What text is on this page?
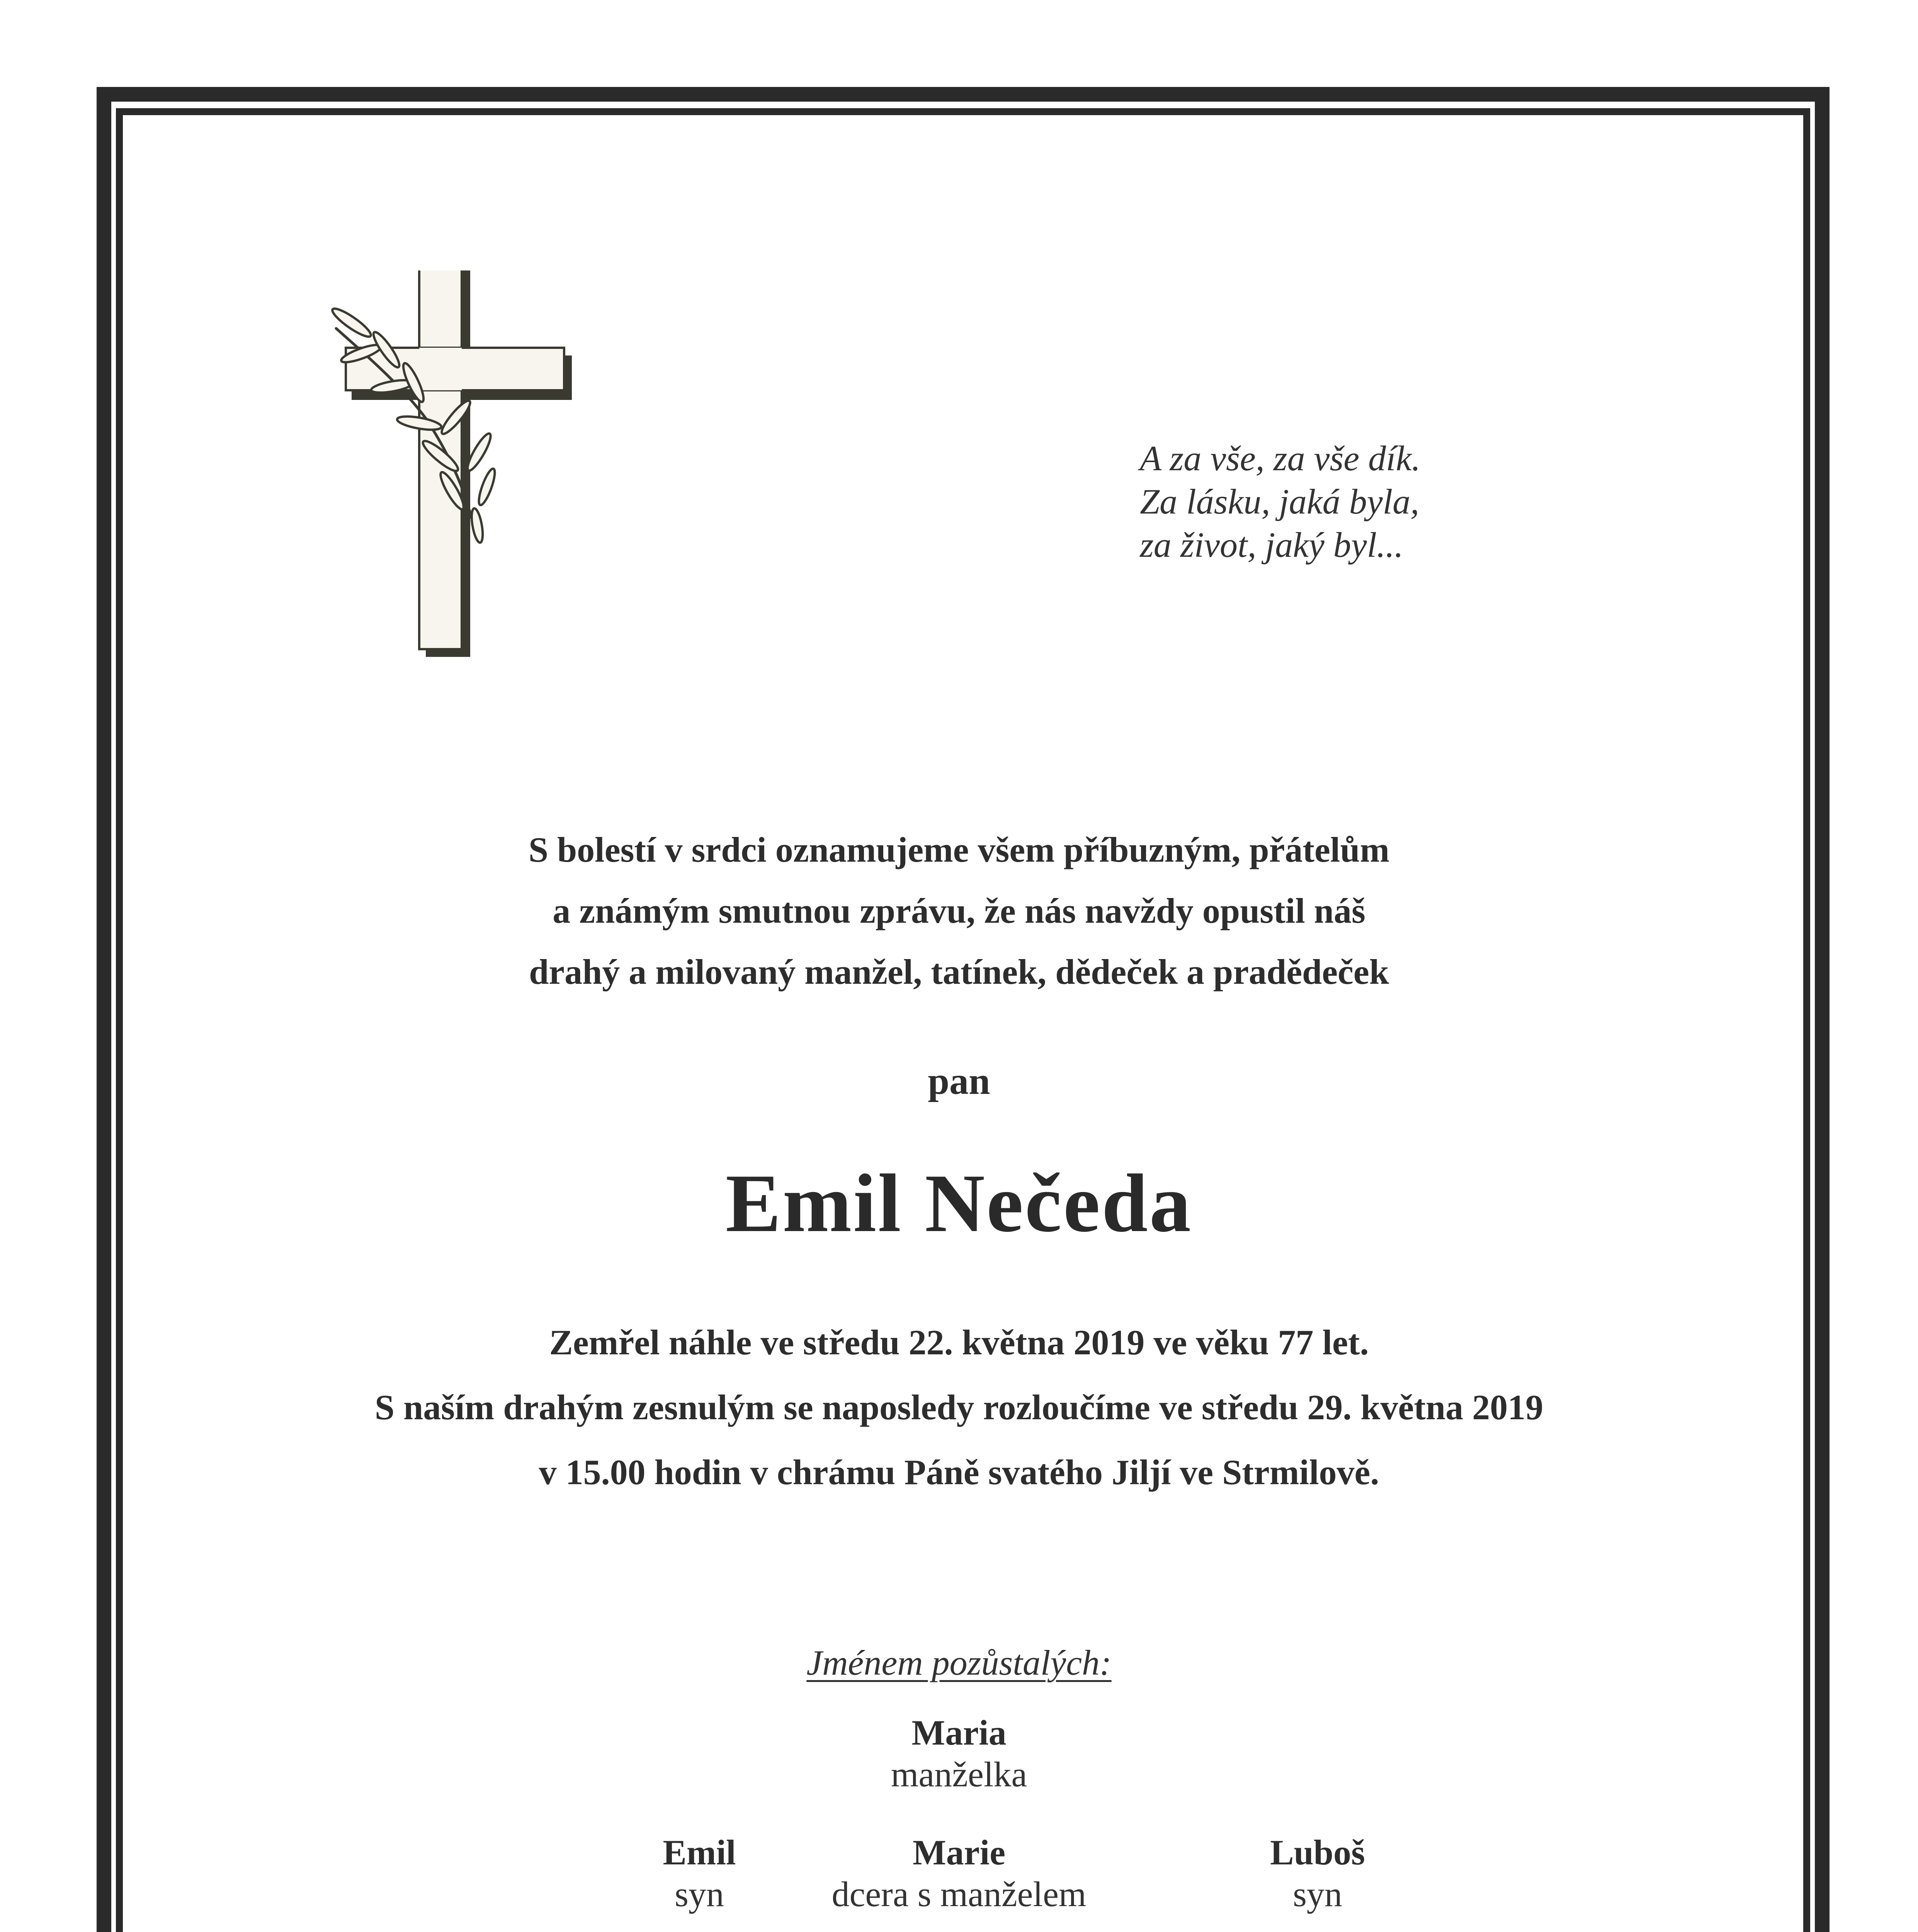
A za vše, za vše dík.
Za lásku, jaká byla,
za život, jaký byl...
S bolestí v srdci oznamujeme všem příbuzným, přátelům
a známým smutnou zprávu, že nás navždy opustil náš
drahý a milovaný manžel, tatínek, dědeček a pradědeček
pan
Emil Nečeda
Zemřel náhle ve středu 22. května 2019 ve věku 77 let.
S naším drahým zesnulým se naposledy rozloučíme ve středu 29. května 2019
v 15.00 hodin v chrámu Páně svatého Jiljí ve Strmilově.
Jménem pozůstalých:
Maria
manželka
Emil
syn
Marie
dcera s manželem
Luboš
syn
